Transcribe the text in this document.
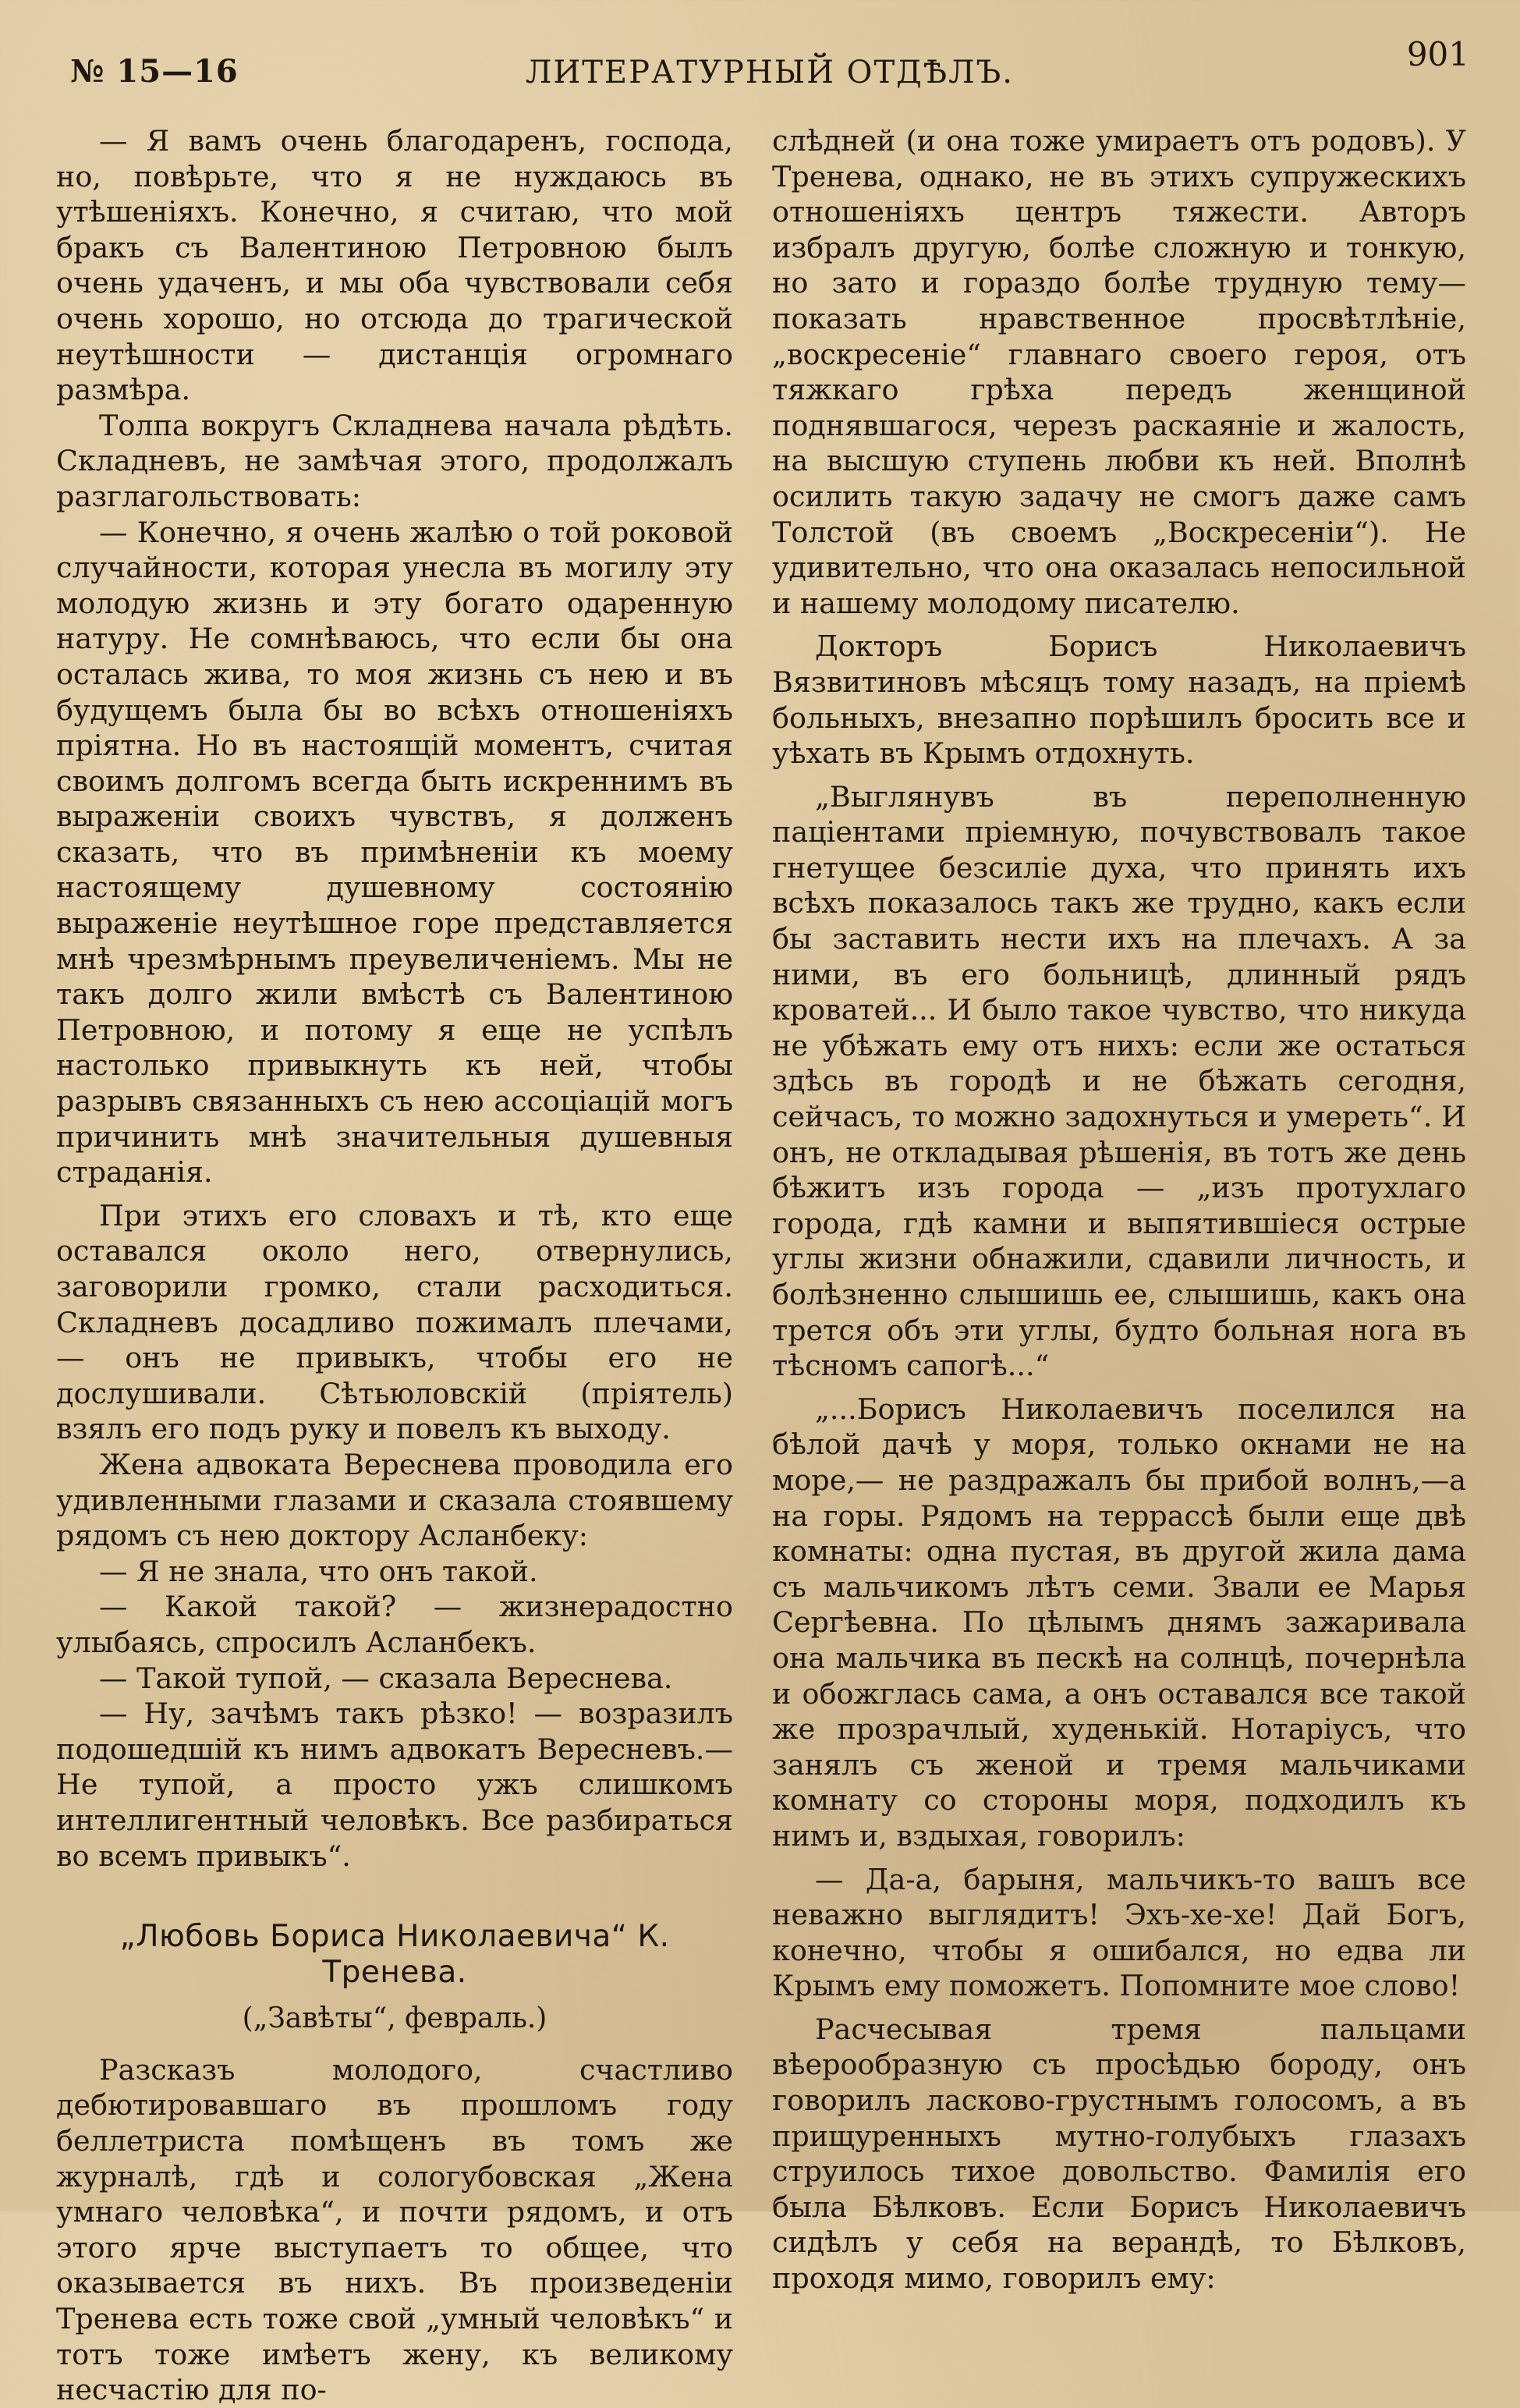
№ 15—16	ЛИТЕРАТУРНЫЙ ОТДѢЛЪ.	901

— Я вамъ очень благодаренъ, господа, но, повѣрьте, что я не нуждаюсь въ утѣшеніяхъ. Конечно, я считаю, что мой бракъ съ Валентиною Петровною былъ очень удаченъ, и мы оба чувствовали себя очень хорошо, но отсюда до трагической неутѣшности — дистанція огромнаго размѣра.

Толпа вокругъ Складнева начала рѣдѣть. Складневъ, не замѣчая этого, продолжалъ разглагольствовать:

— Конечно, я очень жалѣю о той роковой случайности, которая унесла въ могилу эту молодую жизнь и эту богато одаренную натуру. Не сомнѣваюсь, что если бы она осталась жива, то моя жизнь съ нею и въ будущемъ была бы во всѣхъ отношеніяхъ пріятна. Но въ настоящій моментъ, считая своимъ долгомъ всегда быть искреннимъ въ выраженіи своихъ чувствъ, я долженъ сказать, что въ примѣненіи къ моему настоящему душевному состоянію выраженіе неутѣшное горе представляется мнѣ чрезмѣрнымъ преувеличеніемъ. Мы не такъ долго жили вмѣстѣ съ Валентиною Петровною, и потому я еще не успѣлъ настолько привыкнуть къ ней, чтобы разрывъ связанныхъ съ нею ассоціацій могъ причинить мнѣ значительныя душевныя страданія.

При этихъ его словахъ и тѣ, кто еще оставался около него, отвернулись, заговорили громко, стали расходиться. Складневъ досадливо пожималъ плечами, — онъ не привыкъ, чтобы его не дослушивали. Сѣтьюловскій (пріятель) взялъ его подъ руку и повелъ къ выходу.

Жена адвоката Вереснева проводила его удивленными глазами и сказала стоявшему рядомъ съ нею доктору Асланбеку:

— Я не знала, что онъ такой.

— Какой такой? — жизнерадостно улыбаясь, спросилъ Асланбекъ.

— Такой тупой, — сказала Вереснева.

— Ну, зачѣмъ такъ рѣзко! — возразилъ подошедшій къ нимъ адвокатъ Вересневъ.— Не тупой, а просто ужъ слишкомъ интеллигентный человѣкъ. Все разбираться во всемъ привыкъ“.

„Любовь Бориса Николаевича“ К. Тренева.
(„Завѣты“, февраль.)

Разсказъ молодого, счастливо дебютировавшаго въ прошломъ году беллетриста помѣщенъ въ томъ же журналѣ, гдѣ и сологубовская „Жена умнаго человѣка“, и почти рядомъ, и отъ этого ярче выступаетъ то общее, что оказывается въ нихъ. Въ произведеніи Тренева есть тоже свой „умный человѣкъ“ и тотъ тоже имѣетъ жену, къ великому несчастію для по-

слѣдней (и она тоже умираетъ отъ родовъ). У Тренева, однако, не въ этихъ супружескихъ отношеніяхъ центръ тяжести. Авторъ избралъ другую, болѣе сложную и тонкую, но зато и гораздо болѣе трудную тему—показать нравственное просвѣтлѣніе, „воскресеніе“ главнаго своего героя, отъ тяжкаго грѣха передъ женщиной поднявшагося, черезъ раскаяніе и жалость, на высшую ступень любви къ ней. Вполнѣ осилить такую задачу не смогъ даже самъ Толстой (въ своемъ „Воскресеніи“). Не удивительно, что она оказалась непосильной и нашему молодому писателю.

Докторъ Борисъ Николаевичъ Вязвитиновъ мѣсяцъ тому назадъ, на пріемѣ больныхъ, внезапно порѣшилъ бросить все и уѣхать въ Крымъ отдохнуть.

„Выглянувъ въ переполненную паціентами пріемную, почувствовалъ такое гнетущее безсиліе духа, что принять ихъ всѣхъ показалось такъ же трудно, какъ если бы заставить нести ихъ на плечахъ. А за ними, въ его больницѣ, длинный рядъ кроватей... И было такое чувство, что никуда не убѣжать ему отъ нихъ: если же остаться здѣсь въ городѣ и не бѣжать сегодня, сейчасъ, то можно задохнуться и умереть“. И онъ, не откладывая рѣшенія, въ тотъ же день бѣжитъ изъ города — „изъ протухлаго города, гдѣ камни и выпятившіеся острые углы жизни обнажили, сдавили личность, и болѣзненно слышишь ее, слышишь, какъ она трется объ эти углы, будто больная нога въ тѣсномъ сапогѣ...“

„...Борисъ Николаевичъ поселился на бѣлой дачѣ у моря, только окнами не на море,— не раздражалъ бы прибой волнъ,—а на горы. Рядомъ на террассѣ были еще двѣ комнаты: одна пустая, въ другой жила дама съ мальчикомъ лѣтъ семи. Звали ее Марья Сергѣевна. По цѣлымъ днямъ зажаривала она мальчика въ пескѣ на солнцѣ, почернѣла и обожглась сама, а онъ оставался все такой же прозрачлый, худенькій. Нотаріусъ, что занялъ съ женой и тремя мальчиками комнату со стороны моря, подходилъ къ нимъ и, вздыхая, говорилъ:

— Да-а, барыня, мальчикъ-то вашъ все неважно выглядитъ! Эхъ-хе-хе! Дай Богъ, конечно, чтобы я ошибался, но едва ли Крымъ ему поможетъ. Попомните мое слово!

Расчесывая тремя пальцами вѣерообразную съ просѣдью бороду, онъ говорилъ ласково-грустнымъ голосомъ, а въ прищуренныхъ мутно-голубыхъ глазахъ струилось тихое довольство. Фамилія его была Бѣлковъ. Если Борисъ Николаевичъ сидѣлъ у себя на верандѣ, то Бѣлковъ, проходя мимо, говорилъ ему:
